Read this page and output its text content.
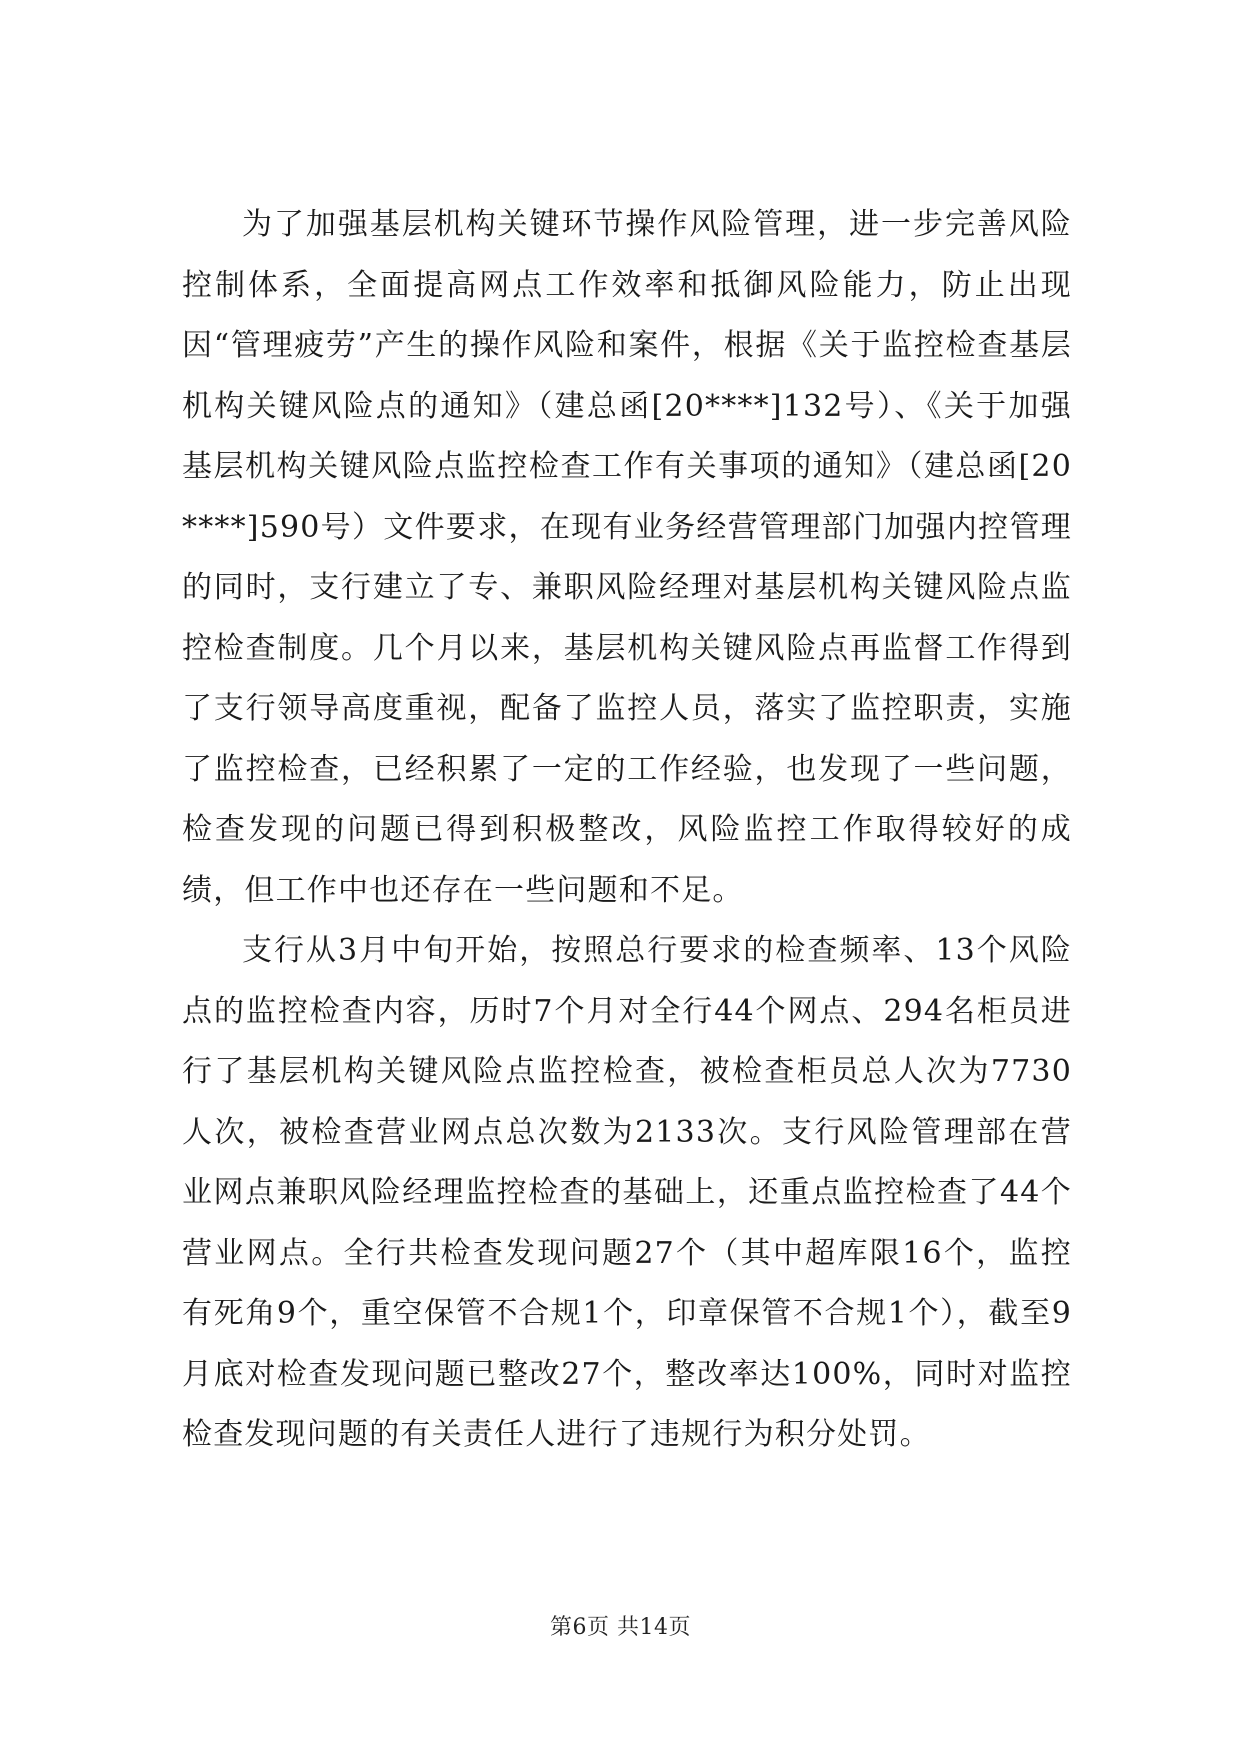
为了加强基层机构关键环节操作风险管理，进一步完善风险控制体系，全面提高网点工作效率和抵御风险能力，防止出现因“管理疲劳”产生的操作风险和案件，根据《关于监控检查基层机构关键风险点的通知》（建总函[20****]132号）、《关于加强基层机构关键风险点监控检查工作有关事项的通知》（建总函[20****]590号）文件要求，在现有业务经营管理部门加强内控管理的同时，支行建立了专、兼职风险经理对基层机构关键风险点监控检查制度。几个月以来，基层机构关键风险点再监督工作得到了支行领导高度重视，配备了监控人员，落实了监控职责，实施了监控检查，已经积累了一定的工作经验，也发现了一些问题，检查发现的问题已得到积极整改，风险监控工作取得较好的成绩，但工作中也还存在一些问题和不足。

支行从3月中旬开始，按照总行要求的检查频率、13个风险点的监控检查内容，历时7个月对全行44个网点、294名柜员进行了基层机构关键风险点监控检查，被检查柜员总人次为7730人次，被检查营业网点总次数为2133次。支行风险管理部在营业网点兼职风险经理监控检查的基础上，还重点监控检查了44个营业网点。全行共检查发现问题27个（其中超库限16个，监控有死角9个，重空保管不合规1个，印章保管不合规1个），截至9月底对检查发现问题已整改27个，整改率达100%，同时对监控检查发现问题的有关责任人进行了违规行为积分处罚。

第6页 共14页
